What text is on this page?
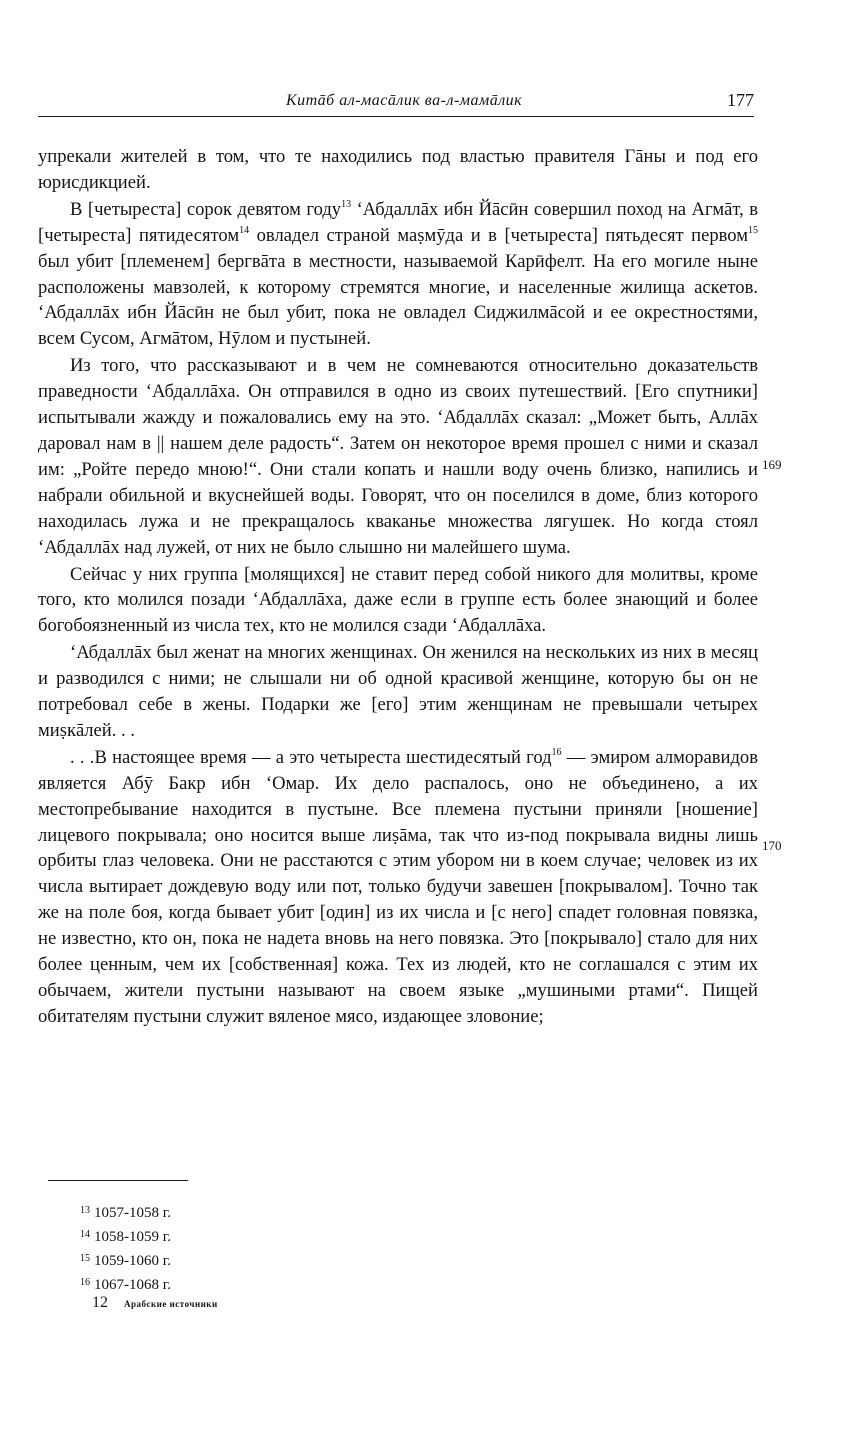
Китāб ал-масāлик ва-л-мамāлик	177

упрекали жителей в том, что те находились под властью правителя Гāны и под его юрисдикцией.

В [четыреста] сорок девятом году$^{13}$ ‘Абдаллāх ибн Йāсӣн совершил поход на Агмāт, в [четыреста] пятидесятом$^{14}$ овладел страной маṣмӯда и в [четыреста] пятьдесят первом$^{15}$ был убит [племенем] бергвāта в местности, называемой Карӣфелт. На его могиле ныне расположены мавзолей, к которому стремятся многие, и населенные жилища аскетов. ‘Абдаллāх ибн Йāсӣн не был убит, пока не овладел Сиджилмāсой и ее окрестностями, всем Сусом, Агмāтом, Нӯлом и пустыней.

Из того, что рассказывают и в чем не сомневаются относительно доказательств праведности ‘Абдаллāха. Он отправился в одно из своих путешествий. [Его спутники] испытывали жажду и пожаловались ему на это. ‘Абдаллāх сказал: „Может быть, Аллāх даровал нам в || нашем деле радость“. Затем он некоторое время прошел с ними и сказал им: „Ройте передо мною!“. Они стали копать и нашли воду очень близко, напились и набрали обильной и вкуснейшей воды. Говорят, что он поселился в доме, близ которого находилась лужа и не прекращалось кваканье множества лягушек. Но когда стоял ‘Абдаллāх над лужей, от них не было слышно ни малейшего шума.

Сейчас у них группа [молящихся] не ставит перед собой никого для молитвы, кроме того, кто молился позади ‘Абдаллāха, даже если в группе есть более знающий и более богобоязненный из числа тех, кто не молился сзади ‘Абдаллāха.

‘Абдаллāх был женат на многих женщинах. Он женился на нескольких из них в месяц и разводился с ними; не слышали ни об одной красивой женщине, которую бы он не потребовал себе в жены. Подарки же [его] этим женщинам не превышали четырех миṣкāлей. . .

. . .В настоящее время — а это четыреста шестидесятый год$^{16}$ — эмиром алморавидов является Абӯ Бакр ибн ‘Омар. Их дело распалось, оно не объединено, а их местопребывание находится в пустыне. Все племена пустыни приняли [ношение] лицевого покрывала; оно носится выше лиṣāма, так что из-под покрывала видны лишь орбиты глаз человека. Они не расстаются с этим убором ни в коем случае; человек из их числа вытирает дождевую воду или пот, только будучи завешен [покрывалом]. Точно так же на поле боя, когда бывает убит [один] из их числа и [с него] спадет головная повязка, не известно, кто он, пока не надета вновь на него повязка. Это [покрывало] стало для них более ценным, чем их [собственная] кожа. Тех из людей, кто не соглашался с этим их обычаем, жители пустыни называют на своем языке „мушиными ртами“. Пищей обитателям пустыни служит вяленое мясо, издающее зловоние;

169
170
$^{13}$ 1057-1058 г.
$^{14}$ 1058-1059 г.
$^{15}$ 1059-1060 г.
$^{16}$ 1067-1068 г.
12 Арабские источники
